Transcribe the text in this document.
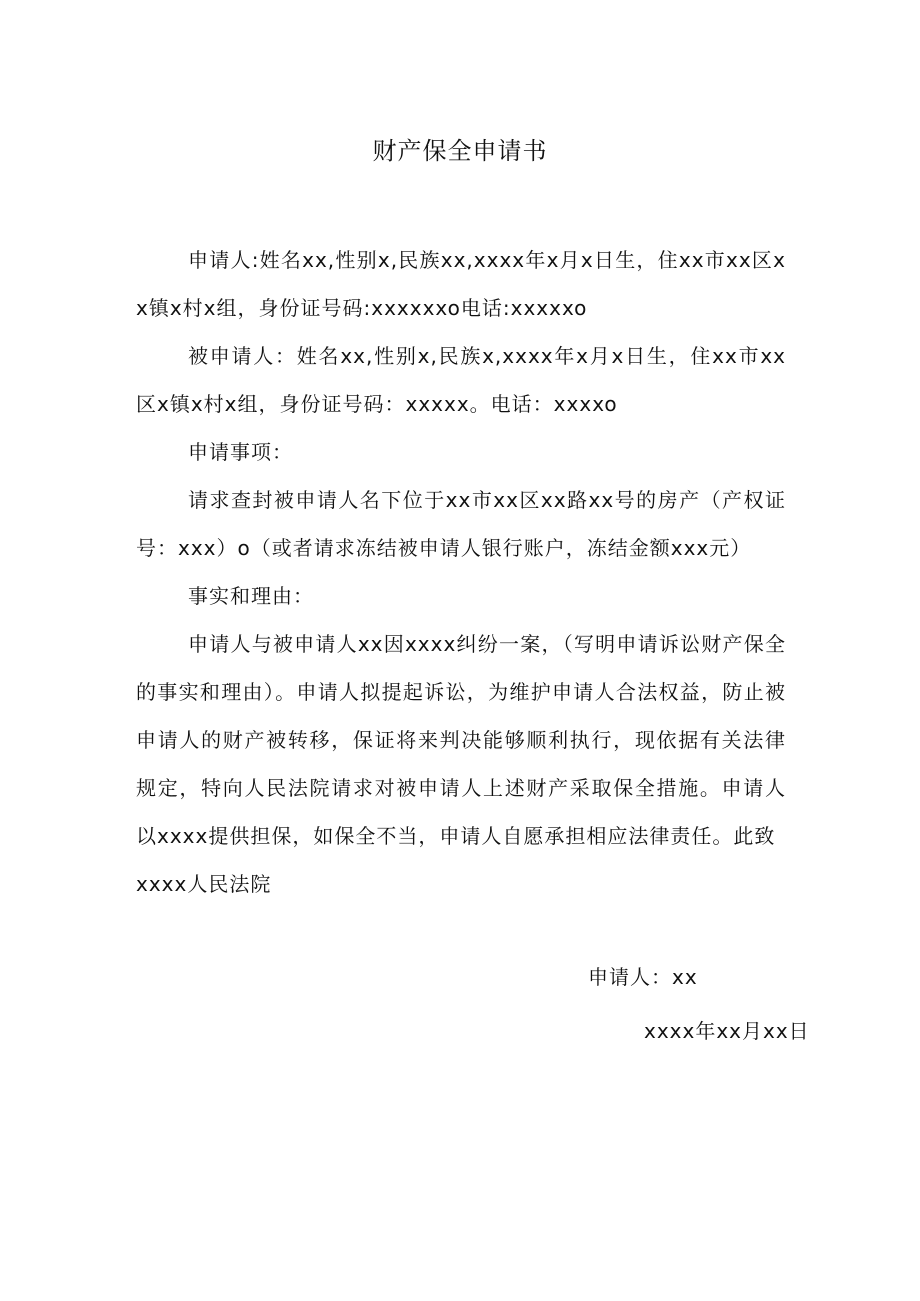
财产保全申请书

申请人:姓名xx,性别x,民族xx,xxxx年x月x日生，住xx市xx区xx镇x村x组，身份证号码:xxxxxxo电话:xxxxxo

被申请人：姓名xx,性别x,民族x,xxxx年x月x日生，住xx市xx区x镇x村x组，身份证号码：xxxxx。电话：xxxxo

申请事项：

请求查封被申请人名下位于xx市xx区xx路xx号的房产（产权证号：xxx）o（或者请求冻结被申请人银行账户，冻结金额xxx元）

事实和理由：

申请人与被申请人xx因xxxx纠纷一案，（写明申请诉讼财产保全的事实和理由）。申请人拟提起诉讼，为维护申请人合法权益，防止被申请人的财产被转移，保证将来判决能够顺利执行，现依据有关法律规定，特向人民法院请求对被申请人上述财产采取保全措施。申请人以xxxx提供担保，如保全不当，申请人自愿承担相应法律责任。此致

xxxx人民法院

申请人：xx
xxxx年xx月xx日
